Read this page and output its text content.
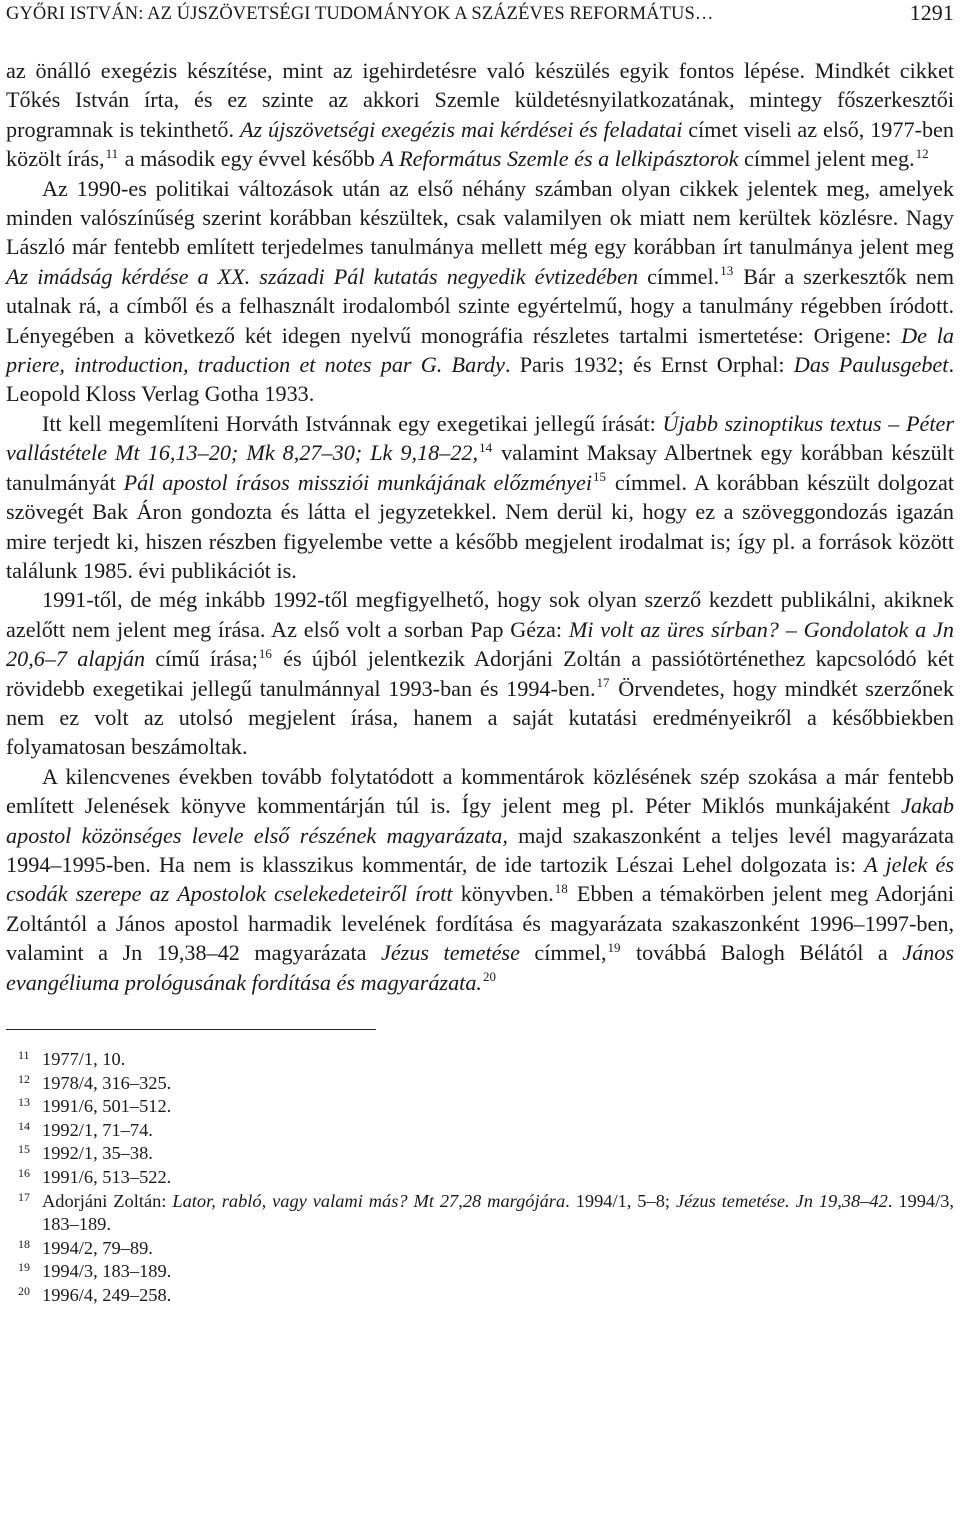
GYŐRI ISTVÁN: AZ ÚJSZÖVETSÉGI TUDOMÁNYOK A SZÁZÉVES REFORMÁTUS…	1291

az önálló exegézis készítése, mint az igehirdetésre való készülés egyik fontos lépése. Mindkét cikket Tőkés István írta, és ez szinte az akkori Szemle küldetésnyilatkozatának, mintegy főszerkesztői programnak is tekinthető. Az újszövetségi exegézis mai kérdései és feladatai címet viseli az első, 1977-ben közölt írás,$^{11}$ a második egy évvel később A Református Szemle és a lelkipásztorok címmel jelent meg.$^{12}$

Az 1990-es politikai változások után az első néhány számban olyan cikkek jelentek meg, amelyek minden valószínűség szerint korábban készültek, csak valamilyen ok miatt nem kerültek közlésre. Nagy László már fentebb említett terjedelmes tanulmánya mellett még egy korábban írt tanulmánya jelent meg Az imádság kérdése a XX. századi Pál kutatás negyedik évtizedében címmel.$^{13}$ Bár a szerkesztők nem utalnak rá, a címből és a felhasznált irodalomból szinte egyértelmű, hogy a tanulmány régebben íródott. Lényegében a következő két idegen nyelvű monográfia részletes tartalmi ismertetése: Origene: De la priere, introduction, traduction et notes par G. Bardy. Paris 1932; és Ernst Orphal: Das Paulusgebet. Leopold Kloss Verlag Gotha 1933.

Itt kell megemlíteni Horváth Istvánnak egy exegetikai jellegű írását: Újabb szinoptikus textus – Péter vallástétele Mt 16,13–20; Mk 8,27–30; Lk 9,18–22,14 valamint Maksay Albertnek egy korábban készült tanulmányát Pál apostol írásos missziói munkájának előzményei$^{15}$ címmel. A korábban készült dolgozat szövegét Bak Áron gondozta és látta el jegyzetekkel. Nem derül ki, hogy ez a szöveggondozás igazán mire terjedt ki, hiszen részben figyelembe vette a később megjelent irodalmat is; így pl. a források között találunk 1985. évi publikációt is.

1991-től, de még inkább 1992-től megfigyelhető, hogy sok olyan szerző kezdett publikálni, akiknek azelőtt nem jelent meg írása. Az első volt a sorban Pap Géza: Mi volt az üres sírban? – Gondolatok a Jn 20,6–7 alapján című írása;$^{16}$ és újból jelentkezik Adorjáni Zoltán a passiótörténethez kapcsolódó két rövidebb exegetikai jellegű tanulmánnyal 1993-ban és 1994-ben.$^{17}$ Örvendetes, hogy mindkét szerzőnek nem ez volt az utolsó megjelent írása, hanem a saját kutatási eredményeikről a későbbiekben folyamatosan beszámoltak.

A kilencvenes években tovább folytatódott a kommentárok közlésének szép szokása a már fentebb említett Jelenések könyve kommentárján túl is. Így jelent meg pl. Péter Miklós munkájaként Jakab apostol közönséges levele első részének magyarázata, majd szakaszonként a teljes levél magyarázata 1994–1995-ben. Ha nem is klasszikus kommentár, de ide tartozik Lészai Lehel dolgozata is: A jelek és csodák szerepe az Apostolok cselekedeteiről írott könyvben.$^{18}$ Ebben a témakörben jelent meg Adorjáni Zoltántól a János apostol harmadik levelének fordítása és magyarázata szakaszonként 1996–1997-ben, valamint a Jn 19,38–42 magyarázata Jézus temetése címmel,$^{19}$ továbbá Balogh Bélától a János evangéliuma prológusának fordítása és magyarázata.$^{20}$

11 1977/1, 10.
12 1978/4, 316–325.
13 1991/6, 501–512.
14 1992/1, 71–74.
15 1992/1, 35–38.
16 1991/6, 513–522.
17 Adorjáni Zoltán: Lator, rabló, vagy valami más? Mt 27,28 margójára. 1994/1, 5–8; Jézus temetése. Jn 19,38–42. 1994/3, 183–189.
18 1994/2, 79–89.
19 1994/3, 183–189.
20 1996/4, 249–258.
